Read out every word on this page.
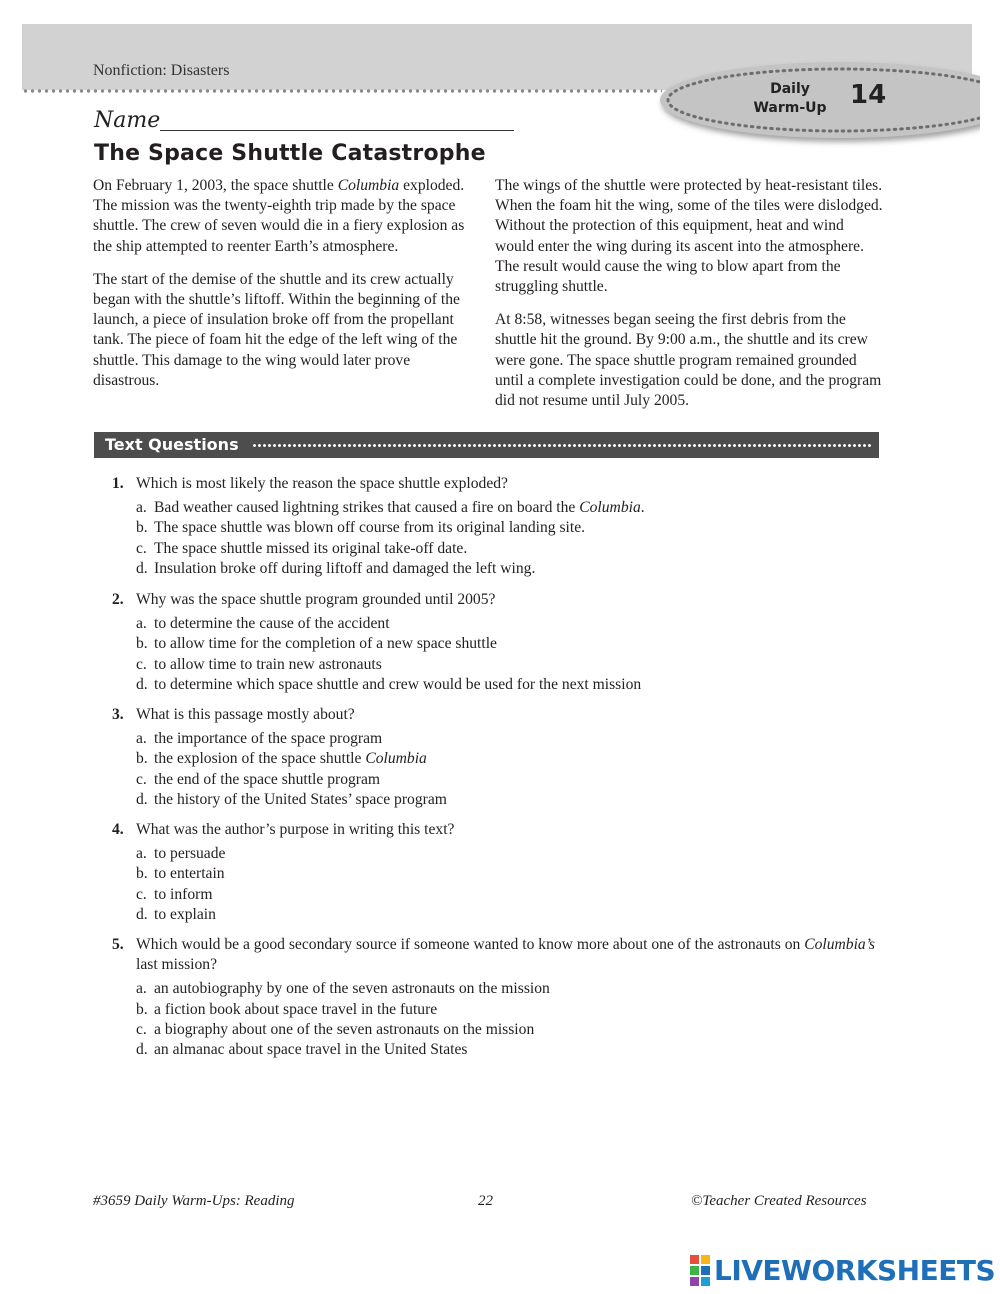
Nonfiction: Disasters
Daily
Warm-Up 14
Name
The Space Shuttle Catastrophe

On February 1, 2003, the space shuttle Columbia exploded. The mission was the twenty-eighth trip made by the space shuttle. The crew of seven would die in a fiery explosion as the ship attempted to reenter Earth’s atmosphere.

The start of the demise of the shuttle and its crew actually began with the shuttle’s liftoff. Within the beginning of the launch, a piece of insulation broke off from the propellant tank. The piece of foam hit the edge of the left wing of the shuttle. This damage to the wing would later prove disastrous.

The wings of the shuttle were protected by heat-resistant tiles. When the foam hit the wing, some of the tiles were dislodged. Without the protection of this equipment, heat and wind would enter the wing during its ascent into the atmosphere. The result would cause the wing to blow apart from the struggling shuttle.

At 8:58, witnesses began seeing the first debris from the shuttle hit the ground. By 9:00 a.m., the shuttle and its crew were gone. The space shuttle program remained grounded until a complete investigation could be done, and the program did not resume until July 2005.

Text Questions
1. Which is most likely the reason the space shuttle exploded?
a. Bad weather caused lightning strikes that caused a fire on board the Columbia.
b. The space shuttle was blown off course from its original landing site.
c. The space shuttle missed its original take-off date.
d. Insulation broke off during liftoff and damaged the left wing.
2. Why was the space shuttle program grounded until 2005?
a. to determine the cause of the accident
b. to allow time for the completion of a new space shuttle
c. to allow time to train new astronauts
d. to determine which space shuttle and crew would be used for the next mission
3. What is this passage mostly about?
a. the importance of the space program
b. the explosion of the space shuttle Columbia
c. the end of the space shuttle program
d. the history of the United States’ space program
4. What was the author’s purpose in writing this text?
a. to persuade
b. to entertain
c. to inform
d. to explain
5. Which would be a good secondary source if someone wanted to know more about one of the astronauts on Columbia’s last mission?
a. an autobiography by one of the seven astronauts on the mission
b. a fiction book about space travel in the future
c. a biography about one of the seven astronauts on the mission
d. an almanac about space travel in the United States
#3659 Daily Warm-Ups: Reading	22	©Teacher Created Resources
LIVEWORKSHEETS
